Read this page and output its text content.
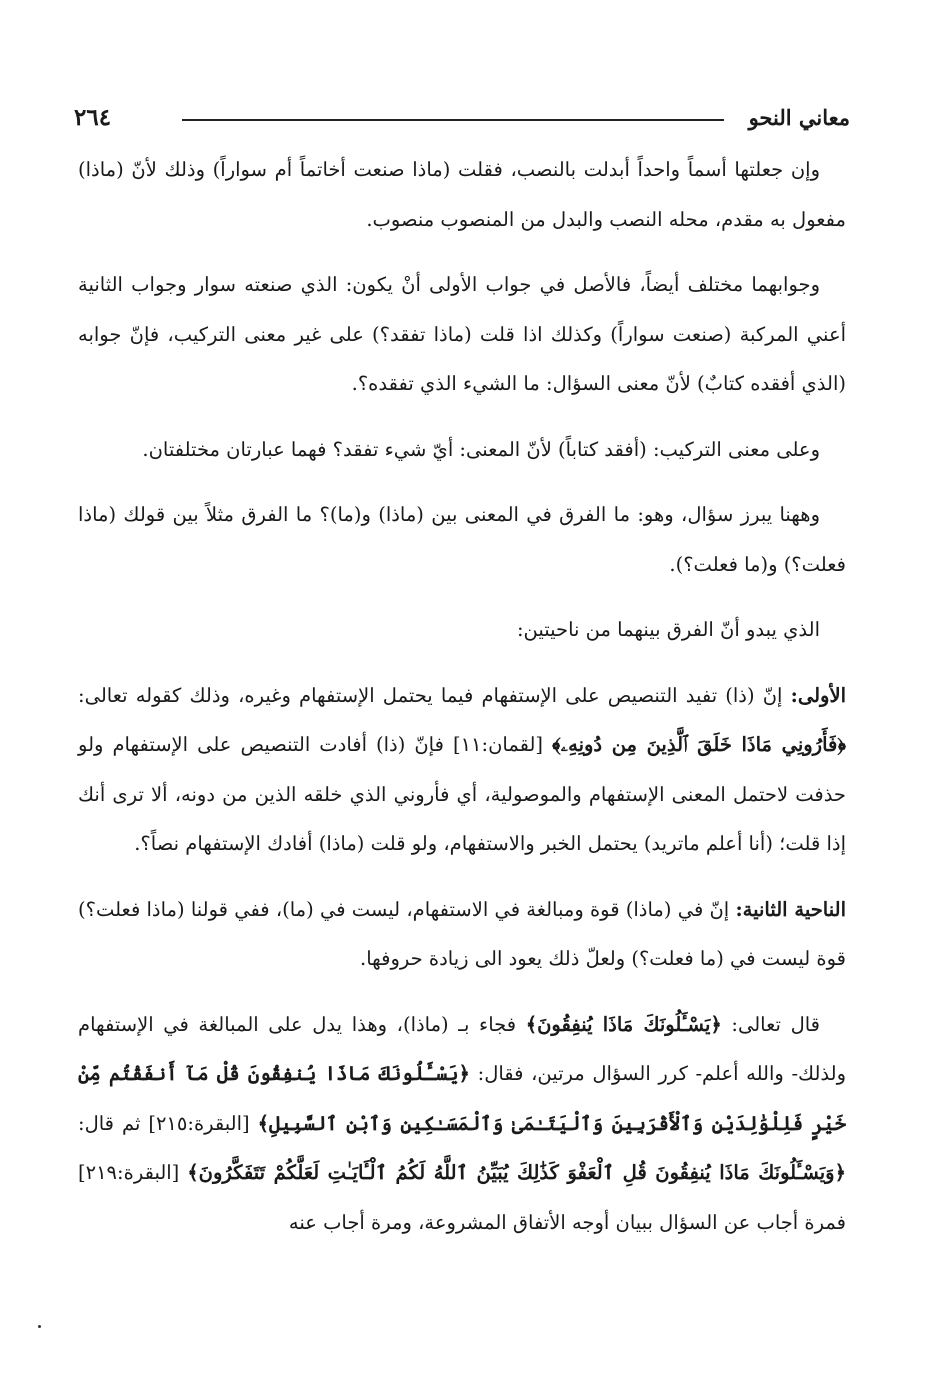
معاني النحو
٢٦٤

وإن جعلتها أسماً واحداً أبدلت بالنصب، فقلت (ماذا صنعت أخاتماً أم سواراً) وذلك لأنّ (ماذا) مفعول به مقدم، محله النصب والبدل من المنصوب منصوب.

وجوابهما مختلف أيضاً، فالأصل في جواب الأولى أنْ يكون: الذي صنعته سوار وجواب الثانية أعني المركبة (صنعت سواراً) وكذلك اذا قلت (ماذا تفقد؟) على غير معنى التركيب، فإنّ جوابه (الذي أفقده كتابٌ) لأنّ معنى السؤال: ما الشيء الذي تفقده؟.

وعلى معنى التركيب: (أفقد كتاباً) لأنّ المعنى: أيّ شيء تفقد؟ فهما عبارتان مختلفتان.

وههنا يبرز سؤال، وهو: ما الفرق في المعنى بين (ماذا) و(ما)؟ ما الفرق مثلاً بين قولك (ماذا فعلت؟) و(ما فعلت؟).

الذي يبدو أنّ الفرق بينهما من ناحيتين:

الأولى: إنّ (ذا) تفيد التنصيص على الإستفهام فيما يحتمل الإستفهام وغيره، وذلك كقوله تعالى: ﴿فَأَرُونِي مَاذَا خَلَقَ ٱلَّذِينَ مِن دُونِهِۦ﴾ [لقمان:١١] فإنّ (ذا) أفادت التنصيص على الإستفهام ولو حذفت لاحتمل المعنى الإستفهام والموصولية، أي فأروني الذي خلقه الذين من دونه، ألا ترى أنك إذا قلت؛ (أنا أعلم ماتريد) يحتمل الخبر والاستفهام، ولو قلت (ماذا) أفادك الإستفهام نصاً؟.

الناحية الثانية: إنّ في (ماذا) قوة ومبالغة في الاستفهام، ليست في (ما)، ففي قولنا (ماذا فعلت؟) قوة ليست في (ما فعلت؟) ولعلّ ذلك يعود الى زيادة حروفها.

قال تعالى: ﴿يَسْـَٔلُونَكَ مَاذَا يُنفِقُونَ﴾ فجاء بـ (ماذا)، وهذا يدل على المبالغة في الإستفهام ولذلك- والله أعلم- كرر السؤال مرتين، فقال: ﴿يَسْـَٔلُونَكَ مَاذَا يُنفِقُونَ قُلْ مَآ أَنفَقْتُم مِّنْ خَيْرٍ فَلِلْوَٰلِدَيْنِ وَٱلْأَقْرَبِينَ وَٱلْيَتَـٰمَىٰ وَٱلْمَسَـٰكِينِ وَٱبْنِ ٱلسَّبِيلِ﴾ [البقرة:٢١٥] ثم قال: ﴿وَيَسْـَٔلُونَكَ مَاذَا يُنفِقُونَ قُلِ ٱلْعَفْوَ كَذَٰلِكَ يُبَيِّنُ ٱللَّهُ لَكُمُ ٱلْـَٔايَـٰتِ لَعَلَّكُمْ تَتَفَكَّرُونَ﴾ [البقرة:٢١٩] فمرة أجاب عن السؤال ببيان أوجه الأتفاق المشروعة، ومرة أجاب عنه
